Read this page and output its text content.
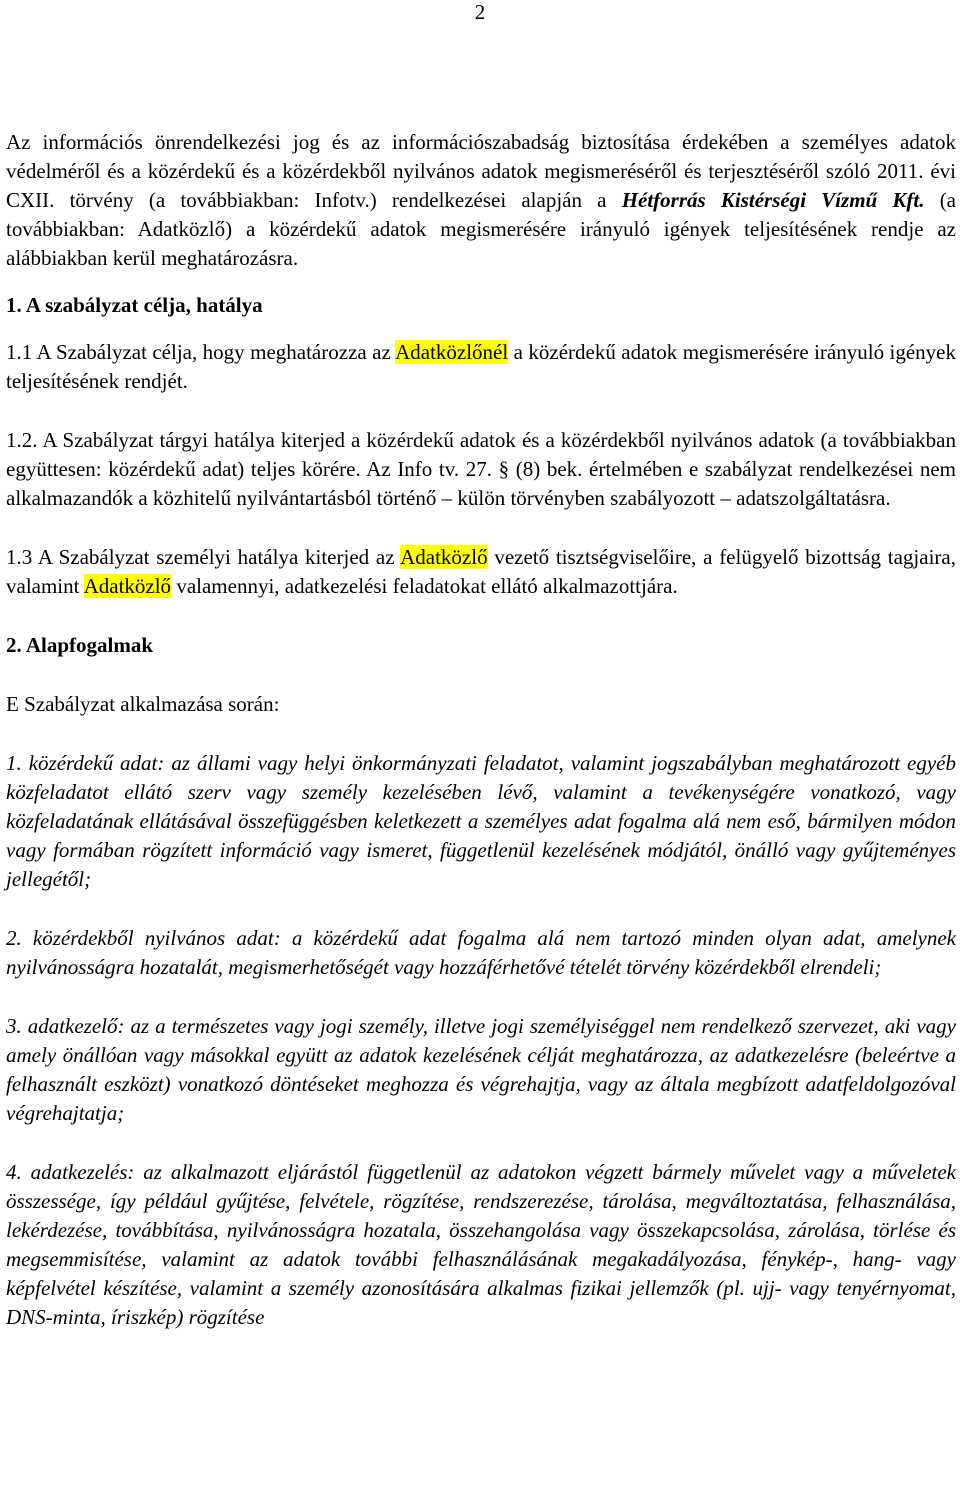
2

Az információs önrendelkezési jog és az információszabadság biztosítása érdekében a személyes adatok védelméről és a közérdekű és a közérdekből nyilvános adatok megismeréséről és terjesztéséről szóló 2011. évi CXII. törvény (a továbbiakban: Infotv.) rendelkezései alapján a Hétforrás Kistérségi Vízmű Kft. (a továbbiakban: Adatközlő) a közérdekű adatok megismerésére irányuló igények teljesítésének rendje az alábbiakban kerül meghatározásra.

1. A szabályzat célja, hatálya

1.1 A Szabályzat célja, hogy meghatározza az Adatközlőnél a közérdekű adatok megismerésére irányuló igények teljesítésének rendjét.

1.2. A Szabályzat tárgyi hatálya kiterjed a közérdekű adatok és a közérdekből nyilvános adatok (a továbbiakban együttesen: közérdekű adat) teljes körére. Az Info tv. 27. § (8) bek. értelmében e szabályzat rendelkezései nem alkalmazandók a közhitelű nyilvántartásból történő – külön törvényben szabályozott – adatszolgáltatásra.

1.3 A Szabályzat személyi hatálya kiterjed az Adatközlő vezető tisztségviselőire, a felügyelő bizottság tagjaira, valamint Adatközlő valamennyi, adatkezelési feladatokat ellátó alkalmazottjára.

2. Alapfogalmak

E Szabályzat alkalmazása során:

1. közérdekű adat: az állami vagy helyi önkormányzati feladatot, valamint jogszabályban meghatározott egyéb közfeladatot ellátó szerv vagy személy kezelésében lévő, valamint a tevékenységére vonatkozó, vagy közfeladatának ellátásával összefüggésben keletkezett a személyes adat fogalma alá nem eső, bármilyen módon vagy formában rögzített információ vagy ismeret, függetlenül kezelésének módjától, önálló vagy gyűjteményes jellegétől;

2. közérdekből nyilvános adat: a közérdekű adat fogalma alá nem tartozó minden olyan adat, amelynek nyilvánosságra hozatalát, megismerhetőségét vagy hozzáférhetővé tételét törvény közérdekből elrendeli;

3. adatkezelő: az a természetes vagy jogi személy, illetve jogi személyiséggel nem rendelkező szervezet, aki vagy amely önállóan vagy másokkal együtt az adatok kezelésének célját meghatározza, az adatkezelésre (beleértve a felhasznált eszközt) vonatkozó döntéseket meghozza és végrehajtja, vagy az általa megbízott adatfeldolgozóval végrehajtatja;

4. adatkezelés: az alkalmazott eljárástól függetlenül az adatokon végzett bármely művelet vagy a műveletek összessége, így például gyűjtése, felvétele, rögzítése, rendszerezése, tárolása, megváltoztatása, felhasználása, lekérdezése, továbbítása, nyilvánosságra hozatala, összehangolása vagy összekapcsolása, zárolása, törlése és megsemmisítése, valamint az adatok további felhasználásának megakadályozása, fénykép-, hang- vagy képfelvétel készítése, valamint a személy azonosítására alkalmas fizikai jellemzők (pl. ujj- vagy tenyérnyomat, DNS-minta, íriszkép) rögzítése
